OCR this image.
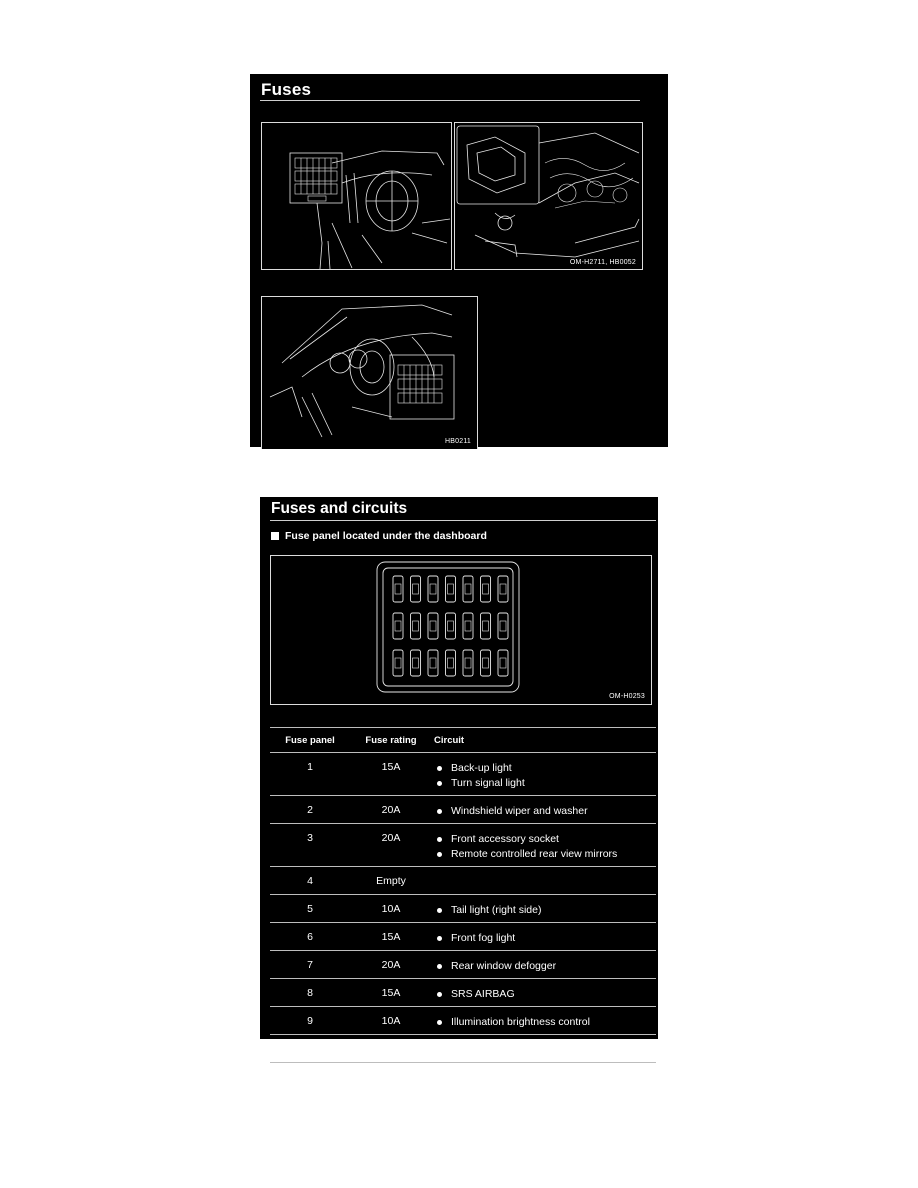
Fuses
OM-H2711, HB0052
HB0211
Fuses and circuits
Fuse panel located under the dashboard
OM-H0253
Fuse panel	Fuse rating	Circuit
1	15A	Back-up light
Turn signal light
2	20A	Windshield wiper and washer
3	20A	Front accessory socket
Remote controlled rear view mirrors
4	Empty
5	10A	Tail light (right side)
6	15A	Front fog light
7	20A	Rear window defogger
8	15A	SRS AIRBAG
9	10A	Illumination brightness control
10	Empty
